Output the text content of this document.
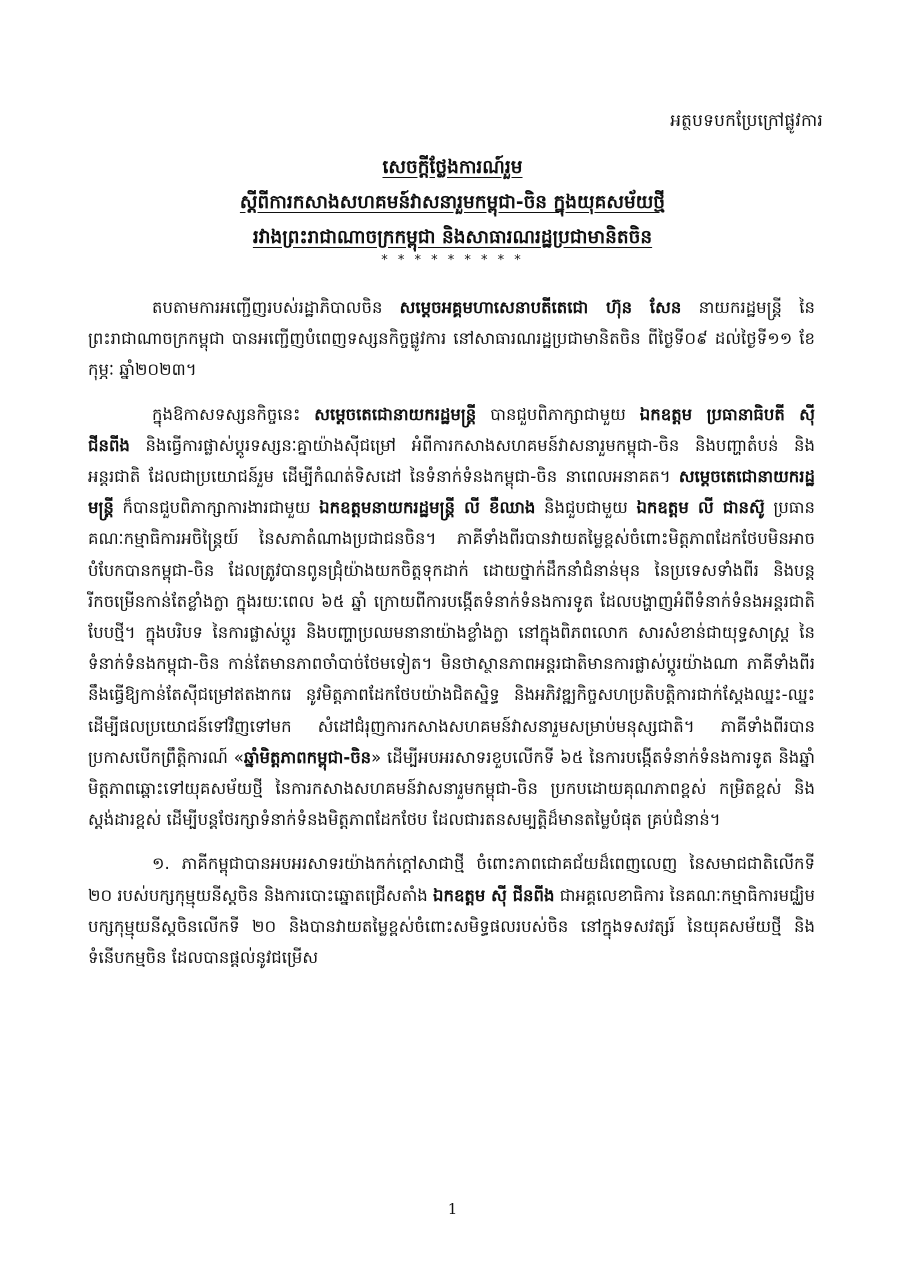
អត្ថបទបកប្រែក្រៅផ្លូវការ
សេចក្តីថ្លែងការណ៍រួម
ស្តីពីការកសាងសហគមន៍វាសនារួមកម្ពុជា-ចិន ក្នុងយុគសម័យថ្មី
រវាងព្រះរាជាណាចក្រកម្ពុជា និងសាធារណរដ្ឋប្រជាមានិតចិន
* * * * * * * * *

តបតាមការអញ្ជើញរបស់រដ្ឋាភិបាលចិន សម្តេចអគ្គមហាសេនាបតីតេជោ ហ៊ុន សែន នាយករដ្ឋមន្ត្រី នៃព្រះរាជាណាចក្រកម្ពុជា បានអញ្ជើញបំពេញទស្សនកិច្ចផ្លូវការ នៅសាធារណរដ្ឋប្រជាមានិតចិន ពីថ្ងៃទី០៩ ដល់ថ្ងៃទី១១ ខែកុម្ភៈ ឆ្នាំ២០២៣។

ក្នុងឱកាសទស្សនកិច្ចនេះ សម្តេចតេជោនាយករដ្ឋមន្ត្រី បានជួបពិភាក្សាជាមួយ ឯកឧត្តម ប្រធានាធិបតី ស៊ី ជីនពីង និងធ្វើការផ្លាស់ប្តូរទស្សនៈគ្នាយ៉ាងស៊ីជម្រៅ អំពីការកសាងសហគមន៍វាសនារួមកម្ពុជា-ចិន និងបញ្ហាតំបន់ និងអន្តរជាតិ ដែលជាប្រយោជន៍រួម ដើម្បីកំណត់ទិសដៅ នៃទំនាក់ទំនងកម្ពុជា-ចិន នាពេលអនាគត។ សម្តេចតេជោនាយករដ្ឋមន្ត្រី ក៏បានជួបពិភាក្សាការងារជាមួយ ឯកឧត្តមនាយករដ្ឋមន្ត្រី លី ខឺឈាង និងជួបជាមួយ ឯកឧត្តម លី ជានស៊ូ ប្រធានគណៈកម្មាធិការអចិន្ត្រៃយ៍ នៃសភាតំណាងប្រជាជនចិន។ ភាគីទាំងពីរបានវាយតម្លៃខ្ពស់ចំពោះមិត្តភាពដែកថែបមិនអាចបំបែកបានកម្ពុជា-ចិន ដែលត្រូវបានពូនជ្រុំយ៉ាងយកចិត្តទុកដាក់ ដោយថ្នាក់ដឹកនាំជំនាន់មុន នៃប្រទេសទាំងពីរ និងបន្តរីកចម្រើនកាន់តែខ្លាំងក្លា ក្នុងរយៈពេល ៦៥ ឆ្នាំ ក្រោយពីការបង្កើតទំនាក់ទំនងការទូត ដែលបង្ហាញអំពីទំនាក់ទំនងអន្តរជាតិបែបថ្មី។ ក្នុងបរិបទ នៃការផ្លាស់ប្តូរ និងបញ្ហាប្រឈមនានាយ៉ាងខ្លាំងក្លា នៅក្នុងពិភពលោក សារសំខាន់ជាយុទ្ធសាស្ត្រ នៃទំនាក់ទំនងកម្ពុជា-ចិន កាន់តែមានភាពចាំបាច់ថែមទៀត។ មិនថាស្ថានភាពអន្តរជាតិមានការផ្លាស់ប្តូរយ៉ាងណា ភាគីទាំងពីរនឹងធ្វើឱ្យកាន់តែស៊ីជម្រៅឥតងាករេ នូវមិត្តភាពដែកថែបយ៉ាងជិតស្និទ្ធ និងអភិវឌ្ឍកិច្ចសហប្រតិបត្តិការជាក់ស្តែងឈ្នះ-ឈ្នះ ដើម្បីផលប្រយោជន៍ទៅវិញទៅមក សំដៅជំរុញការកសាងសហគមន៍វាសនារួមសម្រាប់មនុស្សជាតិ។ ភាគីទាំងពីរបានប្រកាសបើកព្រឹត្តិការណ៍ «ឆ្នាំមិត្តភាពកម្ពុជា-ចិន» ដើម្បីអបអរសាទរខួបលើកទី ៦៥ នៃការបង្កើតទំនាក់ទំនងការទូត និងឆ្នាំមិត្តភាពឆ្ពោះទៅយុគសម័យថ្មី នៃការកសាងសហគមន៍វាសនារួមកម្ពុជា-ចិន ប្រកបដោយគុណភាពខ្ពស់ កម្រិតខ្ពស់ និងស្តង់ដារខ្ពស់ ដើម្បីបន្តថែរក្សាទំនាក់ទំនងមិត្តភាពដែកថែប ដែលជារតនសម្បត្តិដ៏មានតម្លៃបំផុត គ្រប់ជំនាន់។

១. ភាគីកម្ពុជាបានអបអរសាទរយ៉ាងកក់ក្តៅសាជាថ្មី ចំពោះភាពជោគជ័យដ៏ពេញលេញ នៃសមាជជាតិលើកទី ២០ របស់បក្សកុម្មុយនីស្តចិន និងការបោះឆ្នោតជ្រើសតាំង ឯកឧត្តម ស៊ី ជីនពីង ជាអគ្គលេខាធិការ នៃគណៈកម្មាធិការមជ្ឈិមបក្សកុម្មុយនីស្តចិនលើកទី ២០ និងបានវាយតម្លៃខ្ពស់ចំពោះសមិទ្ធផលរបស់ចិន នៅក្នុងទសវត្សរ៍ នៃយុគសម័យថ្មី និងទំនើបកម្មចិន ដែលបានផ្តល់នូវជម្រើស

1
